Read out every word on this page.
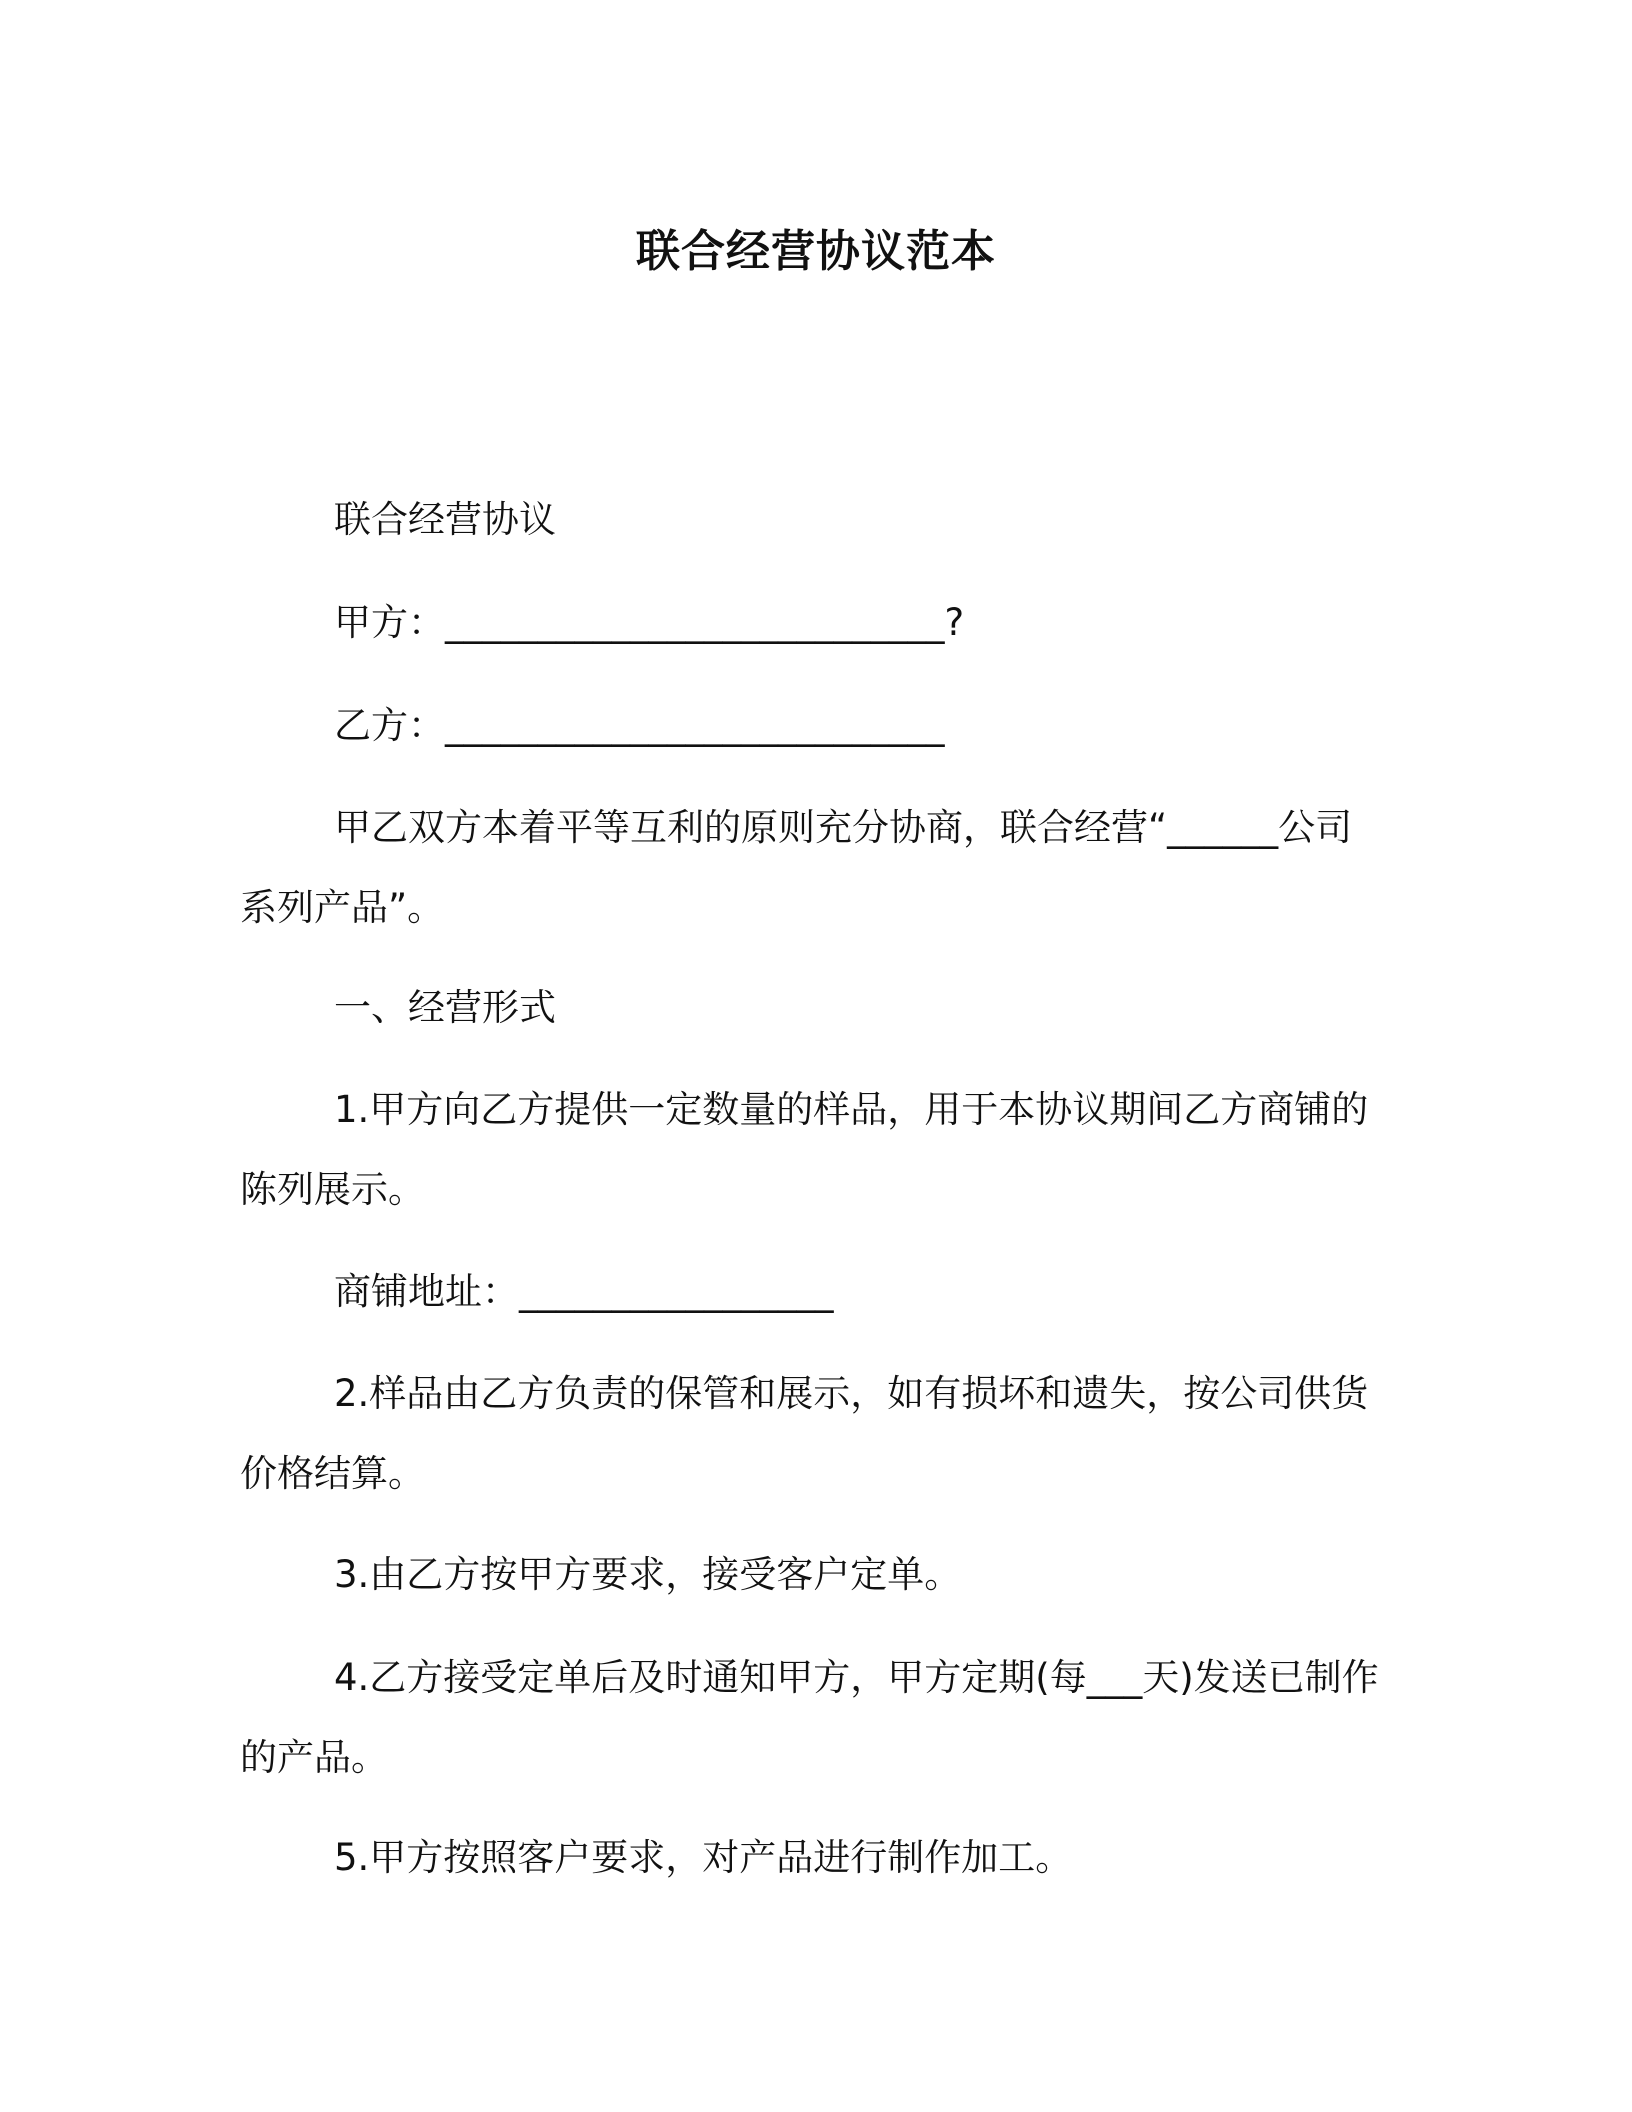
联合经营协议范本
联合经营协议
甲方：___________________________?
乙方：___________________________

甲乙双方本着平等互利的原则充分协商，联合经营“______公司系列产品”。

一、经营形式

1.甲方向乙方提供一定数量的样品，用于本协议期间乙方商铺的陈列展示。

商铺地址：_________________

2.样品由乙方负责的保管和展示，如有损坏和遗失，按公司供货价格结算。

3.由乙方按甲方要求，接受客户定单。

4.乙方接受定单后及时通知甲方，甲方定期(每___天)发送已制作的产品。

5.甲方按照客户要求，对产品进行制作加工。
